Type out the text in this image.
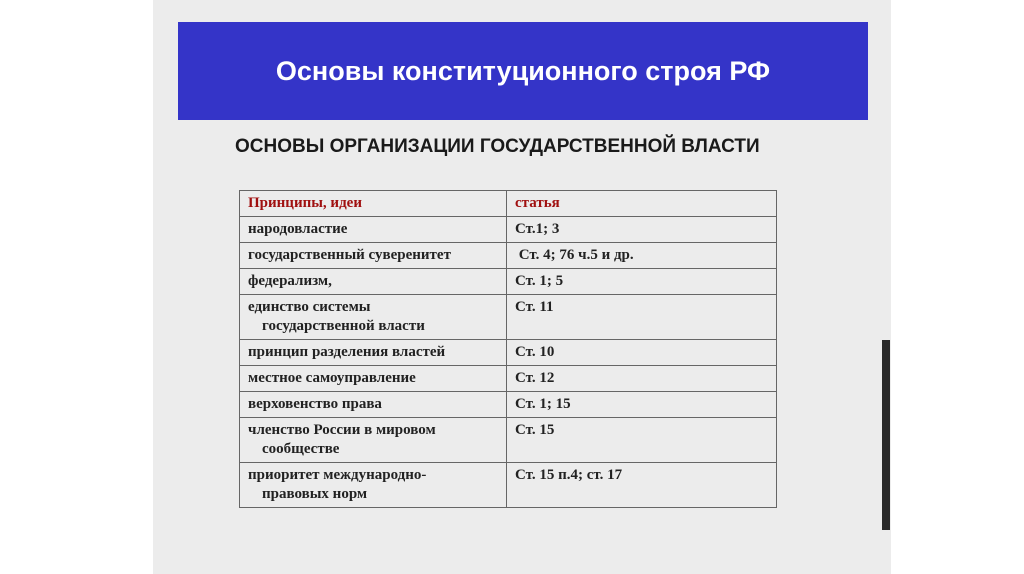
Основы конституционного строя РФ
ОСНОВЫ ОРГАНИЗАЦИИ ГОСУДАРСТВЕННОЙ ВЛАСТИ
Принципы, идеи	статья
народовластие	Ст.1; 3
государственный суверенитет	Ст. 4; 76 ч.5 и др.
федерализм,	Ст. 1; 5
единство системы
государственной власти	Ст. 11
принцип разделения властей	Ст. 10
местное самоуправление	Ст. 12
верховенство права	Ст. 1; 15
членство России в мировом
сообществе	Ст. 15
приоритет международно-
правовых норм	Ст. 15 п.4; ст. 17
